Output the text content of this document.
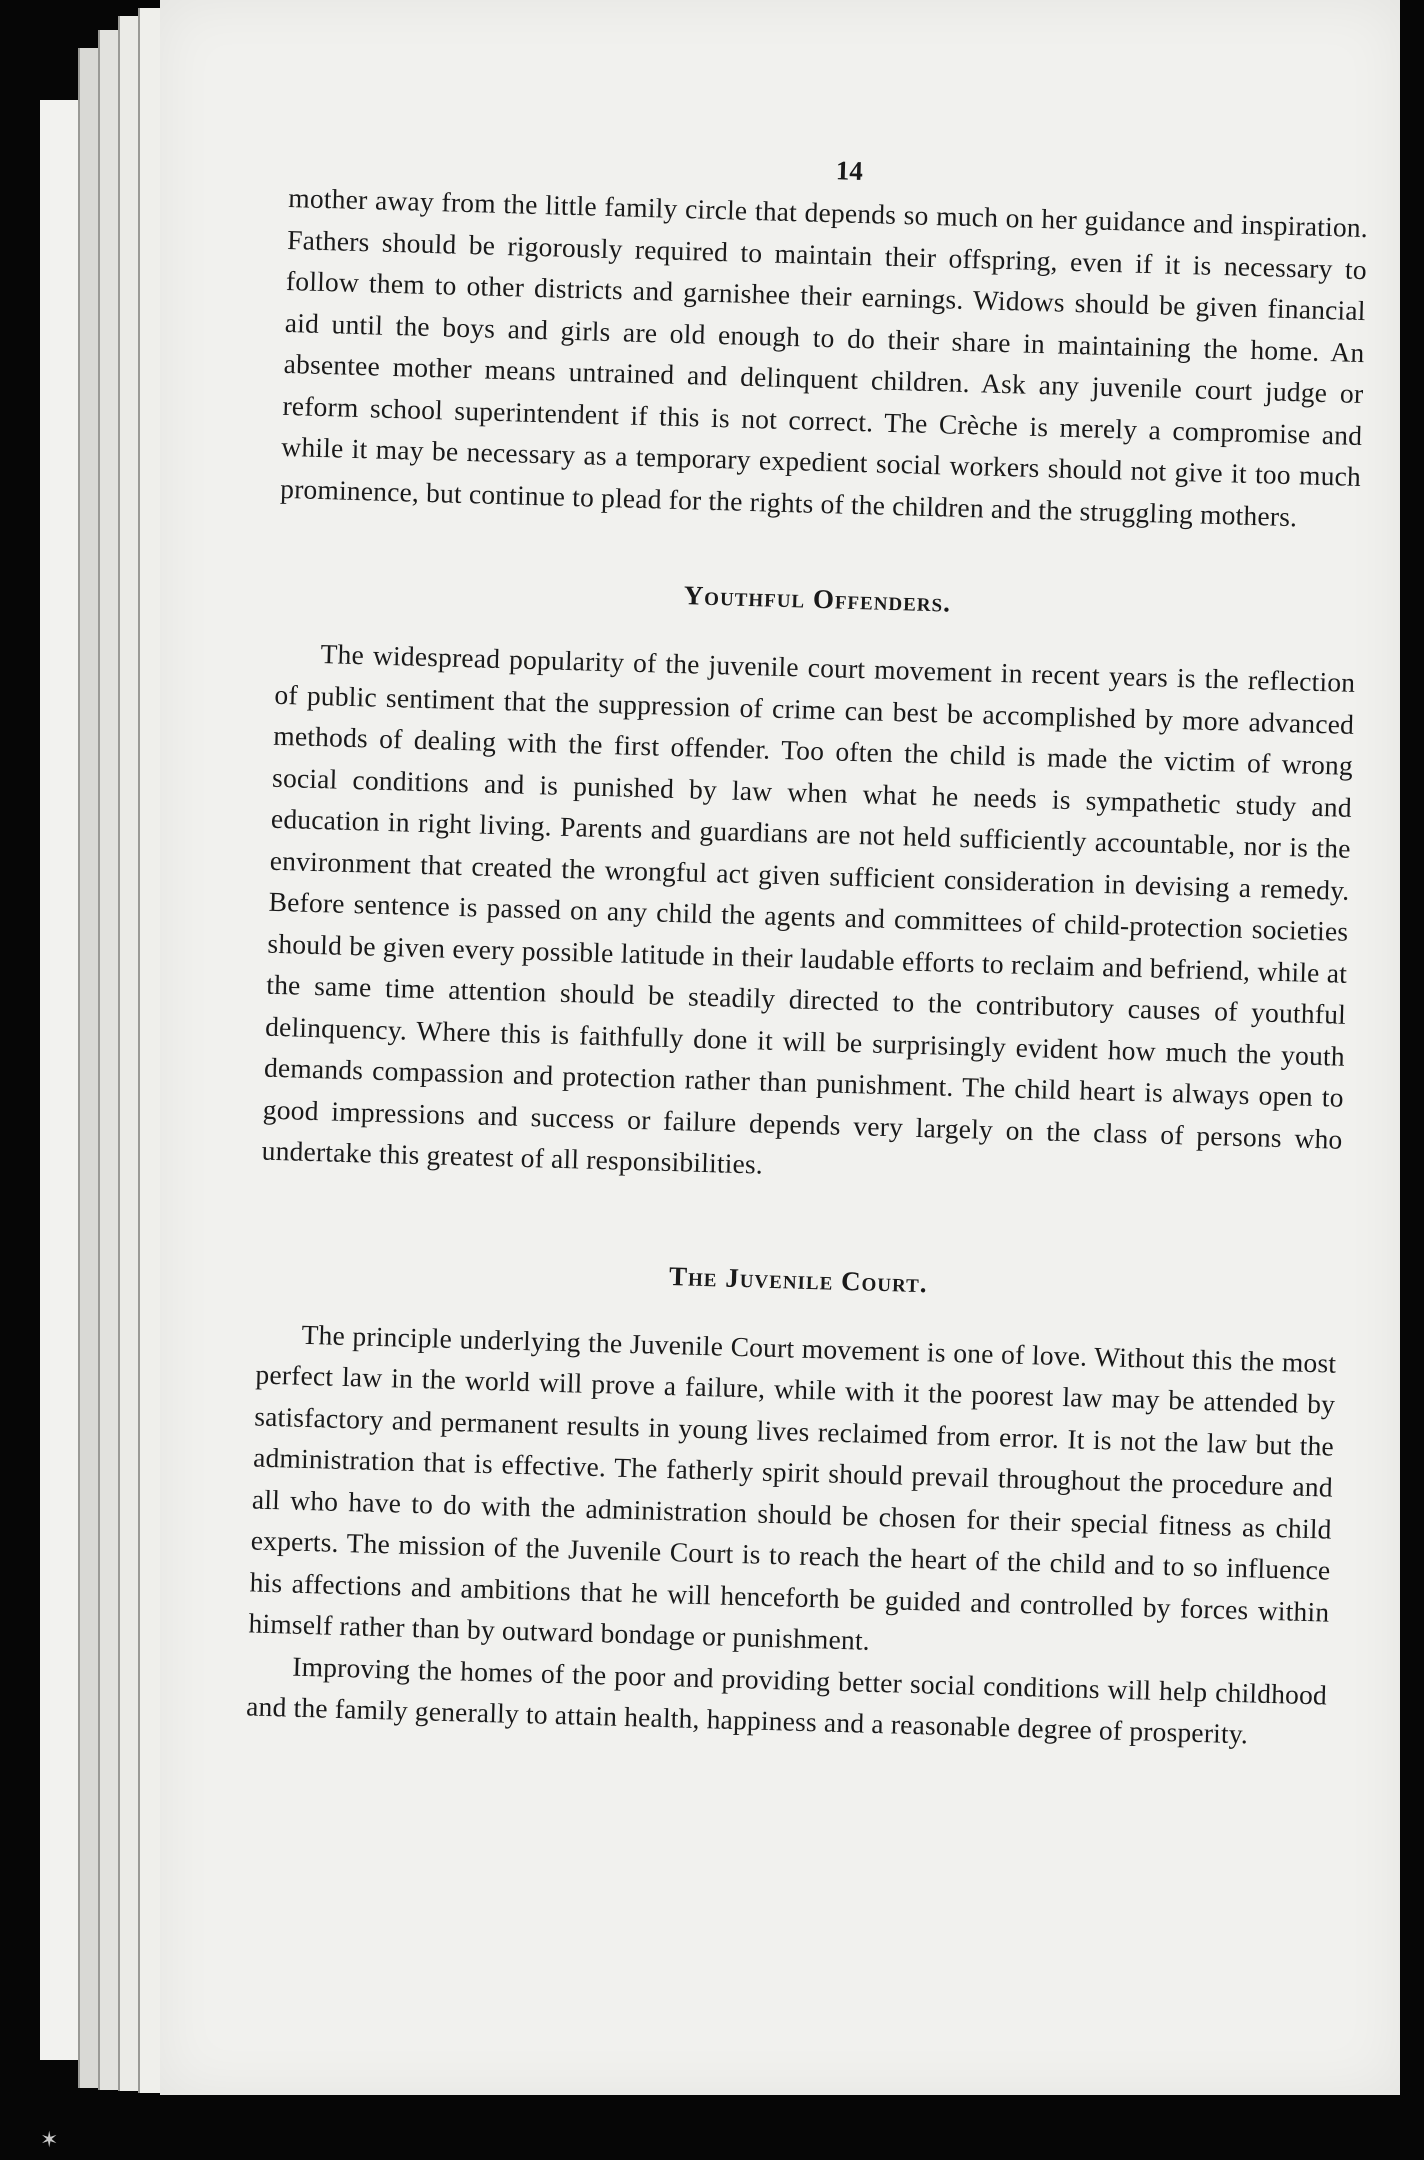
14

mother away from the little family circle that depends so much on her guidance and inspiration. Fathers should be rigorously required to maintain their offspring, even if it is necessary to follow them to other districts and garnishee their earnings. Widows should be given financial aid until the boys and girls are old enough to do their share in maintaining the home. An absentee mother means untrained and delinquent children. Ask any juvenile court judge or reform school superintendent if this is not correct. The Crèche is merely a compromise and while it may be necessary as a temporary expedient social workers should not give it too much prominence, but continue to plead for the rights of the children and the struggling mothers.

Youthful Offenders.

The widespread popularity of the juvenile court movement in recent years is the reflection of public sentiment that the suppression of crime can best be accomplished by more advanced methods of dealing with the first offender. Too often the child is made the victim of wrong social conditions and is punished by law when what he needs is sympathetic study and education in right living. Parents and guardians are not held sufficiently accountable, nor is the environment that created the wrongful act given sufficient consideration in devising a remedy. Before sentence is passed on any child the agents and committees of child-protection societies should be given every possible latitude in their laudable efforts to reclaim and befriend, while at the same time attention should be steadily directed to the contributory causes of youthful delinquency. Where this is faithfully done it will be surprisingly evident how much the youth demands compassion and protection rather than punishment. The child heart is always open to good impressions and success or failure depends very largely on the class of persons who undertake this greatest of all responsibilities.

The Juvenile Court.

The principle underlying the Juvenile Court movement is one of love. Without this the most perfect law in the world will prove a failure, while with it the poorest law may be attended by satisfactory and permanent results in young lives reclaimed from error. It is not the law but the administration that is effective. The fatherly spirit should prevail throughout the procedure and all who have to do with the administration should be chosen for their special fitness as child experts. The mission of the Juvenile Court is to reach the heart of the child and to so influence his affections and ambitions that he will henceforth be guided and controlled by forces within himself rather than by outward bondage or punishment.

Improving the homes of the poor and providing better social conditions will help childhood and the family generally to attain health, happiness and a reasonable degree of prosperity.

✶
